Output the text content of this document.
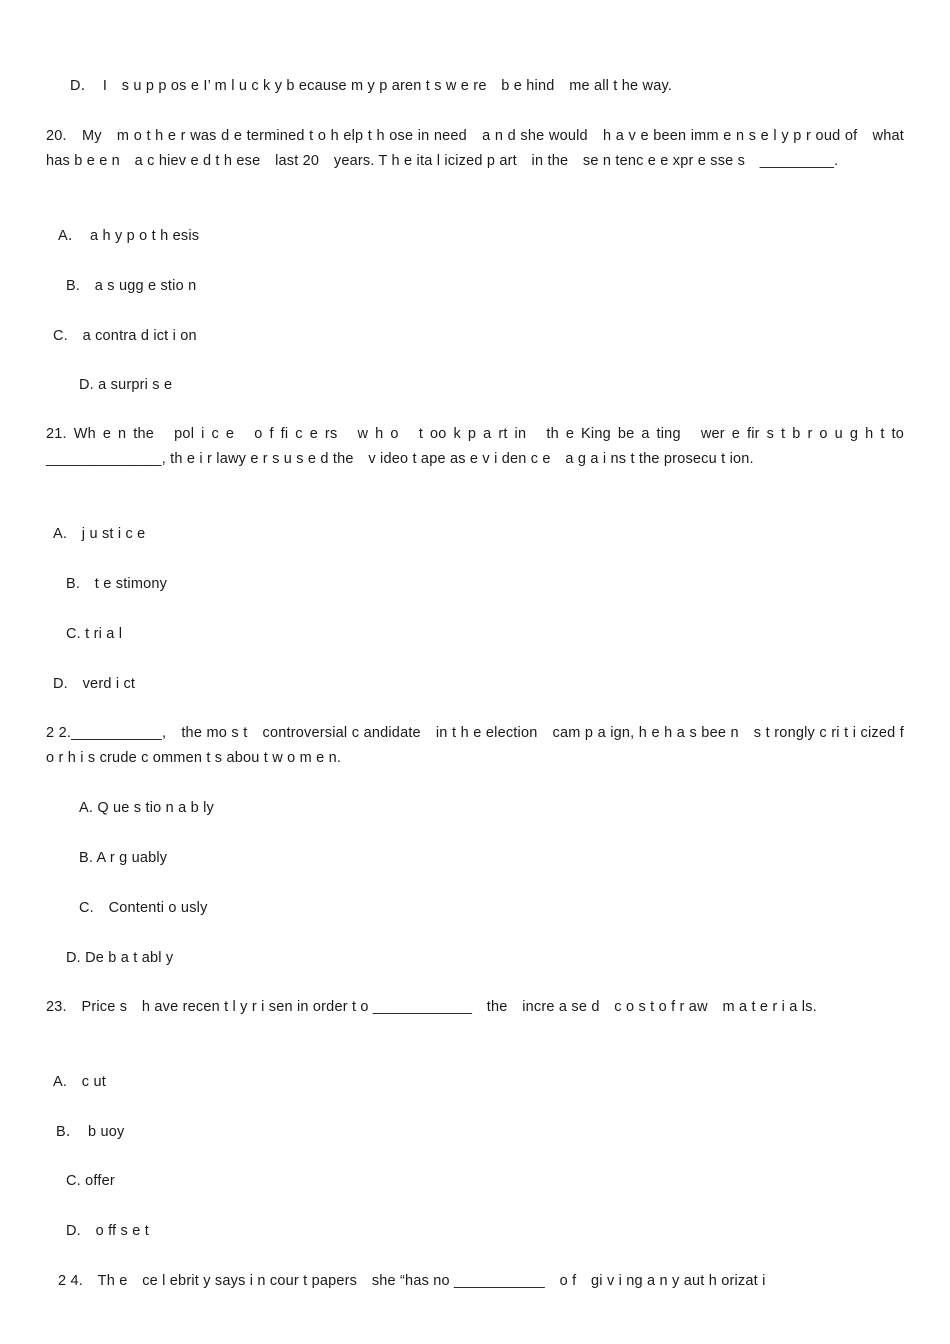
D．　I　s u p p os e I’ m l u c k y b ecause m y p aren t s w e re　b e hind　me all t he way.
20.　My　m o t h e r was d e termined t o h elp t h ose in need　a n d she would　h a v e been imm e n s e l y p r oud of　what has b e e n　a c hiev e d t h ese　last 20　years. T h e ita l icized p art　in the　se n tenc e e xpr e sse s　_________.
A．　a h y p o t h esis
B.　a s ugg e stio n
C.　a contra d ict i on
D. a surpri s e
21. Wh e n the　pol i c e　o f fi c e rs　w h o　t oo k p a rt in　th e King be a ting　wer e fir s t b r o u g h t to　______________, th e i r lawy e r s u s e d the　v ideo t ape as e v i den c e　a g a i ns t the prosecu t ion.
A.　j u st i c e
B.　t e stimony
C. t ri a l
D.　verd i ct
2 2.___________,　the mo s t　controversial c andidate　in t h e election　cam p a ign, h e h a s bee n　s t rongly c ri t i cized f o r h i s crude c ommen t s abou t w o m e n.
A. Q ue s tio n a b ly
B. A r g uably
C.　Contenti o usly
D. De b a t abl y
23.　Price s　h ave recen t l y r i sen in order t o ____________　the　incre a se d　c o s t o f r aw　m a t e r i a ls.
A.　c ut
B．　b uoy
C. offer
D.　o ff s e t
2 4.　Th e　ce l ebrit y says i n cour t papers　she “has no ___________　o f　gi v i ng a n y aut h orizat i
